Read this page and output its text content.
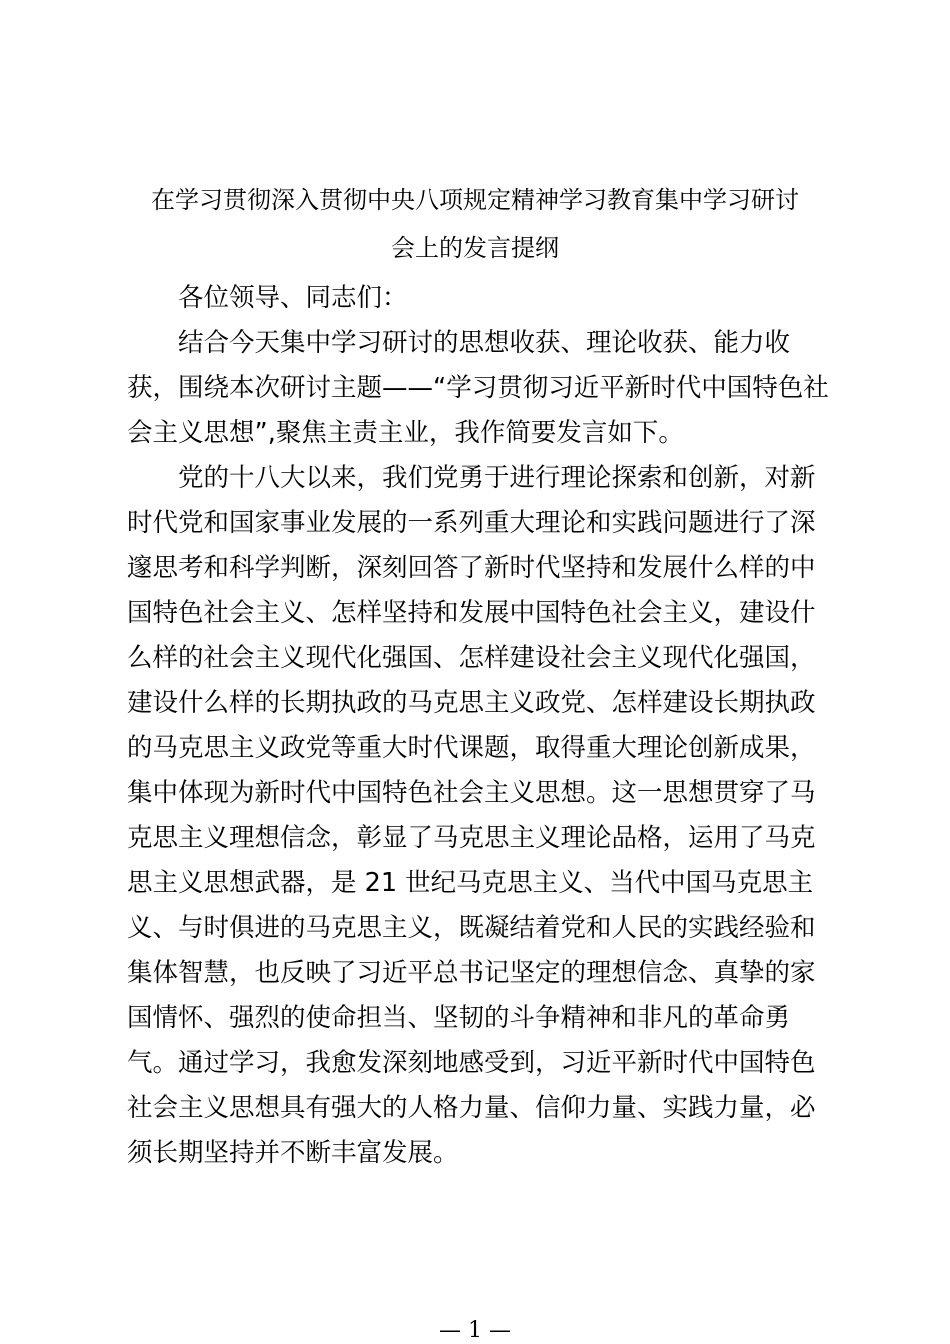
在学习贯彻深入贯彻中央八项规定精神学习教育集中学习研讨
会上的发言提纲
各位领导、同志们：
结合今天集中学习研讨的思想收获、理论收获、能力收
获，围绕本次研讨主题——“学习贯彻习近平新时代中国特色社
会主义思想”,聚焦主责主业，我作简要发言如下。
党的十八大以来，我们党勇于进行理论探索和创新，对新
时代党和国家事业发展的一系列重大理论和实践问题进行了深
邃思考和科学判断，深刻回答了新时代坚持和发展什么样的中
国特色社会主义、怎样坚持和发展中国特色社会主义，建设什
么样的社会主义现代化强国、怎样建设社会主义现代化强国，
建设什么样的长期执政的马克思主义政党、怎样建设长期执政
的马克思主义政党等重大时代课题，取得重大理论创新成果，
集中体现为新时代中国特色社会主义思想。这一思想贯穿了马
克思主义理想信念，彰显了马克思主义理论品格，运用了马克
思主义思想武器，是 21 世纪马克思主义、当代中国马克思主
义、与时俱进的马克思主义，既凝结着党和人民的实践经验和
集体智慧，也反映了习近平总书记坚定的理想信念、真挚的家
国情怀、强烈的使命担当、坚韧的斗争精神和非凡的革命勇
气。通过学习，我愈发深刻地感受到，习近平新时代中国特色
社会主义思想具有强大的人格力量、信仰力量、实践力量，必
须长期坚持并不断丰富发展。
— 1 —
